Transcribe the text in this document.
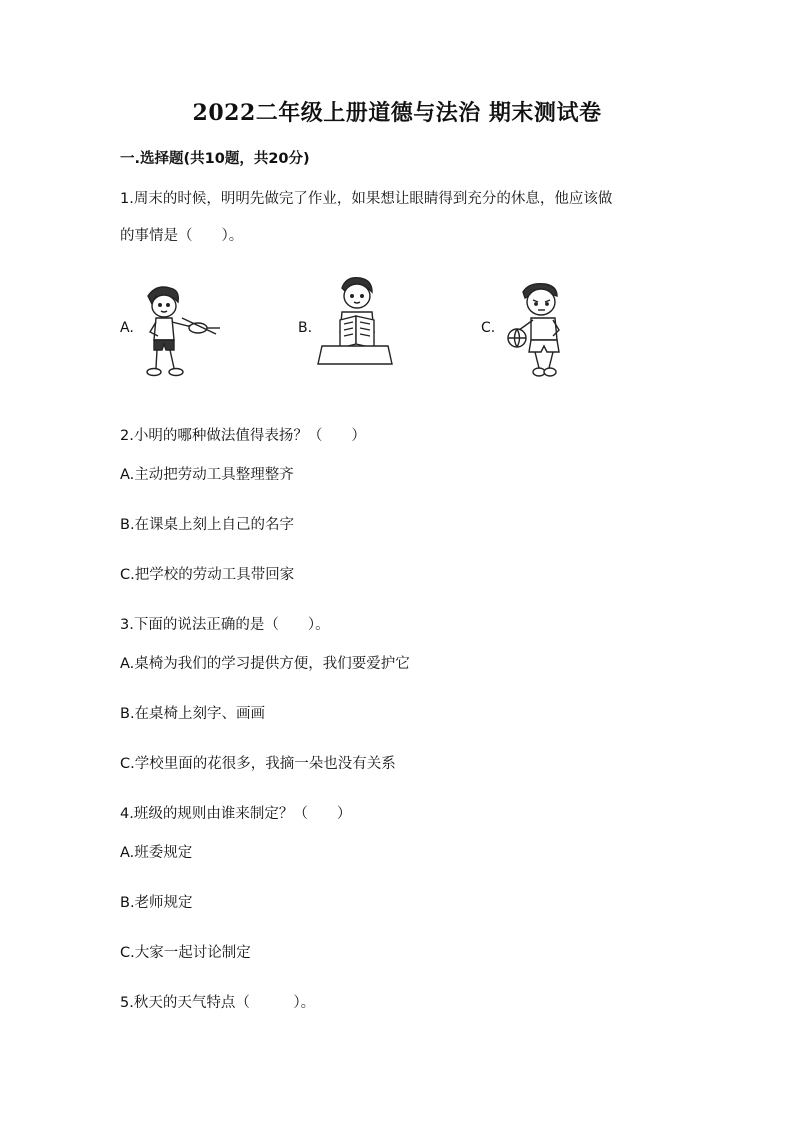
2022二年级上册道德与法治 期末测试卷
一.选择题(共10题，共20分)
1.周末的时候，明明先做完了作业，如果想让眼睛得到充分的休息，他应该做
的事情是（　　）。
A.	B.	C.
2.小明的哪种做法值得表扬？（　　）
A.主动把劳动工具整理整齐
B.在课桌上刻上自己的名字
C.把学校的劳动工具带回家
3.下面的说法正确的是（　　）。
A.桌椅为我们的学习提供方便，我们要爱护它
B.在桌椅上刻字、画画
C.学校里面的花很多，我摘一朵也没有关系
4.班级的规则由谁来制定？（　　）
A.班委规定
B.老师规定
C.大家一起讨论制定
5.秋天的天气特点（　　　）。
